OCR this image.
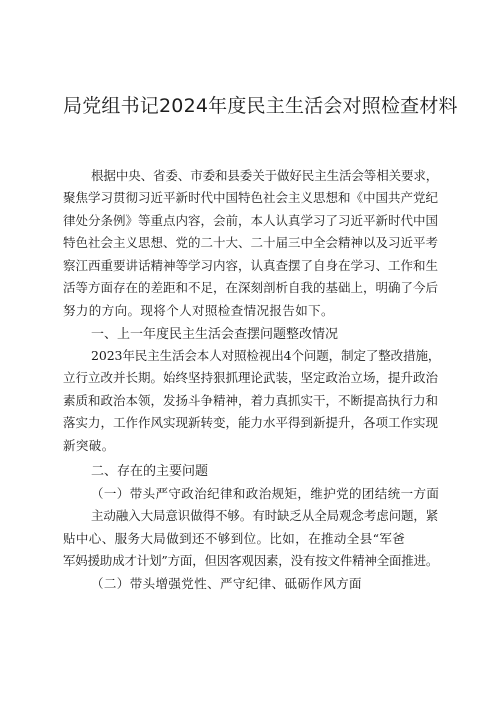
局党组书记2024年度民主生活会对照检查材料
根据中央、省委、市委和县委关于做好民主生活会等相关要求，
聚焦学习贯彻习近平新时代中国特色社会主义思想和《中国共产党纪
律处分条例》等重点内容，会前，本人认真学习了习近平新时代中国
特色社会主义思想、党的二十大、二十届三中全会精神以及习近平考
察江西重要讲话精神等学习内容，认真查摆了自身在学习、工作和生
活等方面存在的差距和不足，在深刻剖析自我的基础上，明确了今后
努力的方向。现将个人对照检查情况报告如下。
一、上一年度民主生活会查摆问题整改情况
2023年民主生活会本人对照检视出4个问题，制定了整改措施，
立行立改并长期。始终坚持狠抓理论武装，坚定政治立场，提升政治
素质和政治本领，发扬斗争精神，着力真抓实干，不断提高执行力和
落实力，工作作风实现新转变，能力水平得到新提升，各项工作实现
新突破。
二、存在的主要问题
（一）带头严守政治纪律和政治规矩，维护党的团结统一方面
主动融入大局意识做得不够。有时缺乏从全局观念考虑问题，紧
贴中心、服务大局做到还不够到位。比如，在推动全县“军爸
军妈援助成才计划”方面，但因客观因素，没有按文件精神全面推进。
（二）带头增强党性、严守纪律、砥砺作风方面
